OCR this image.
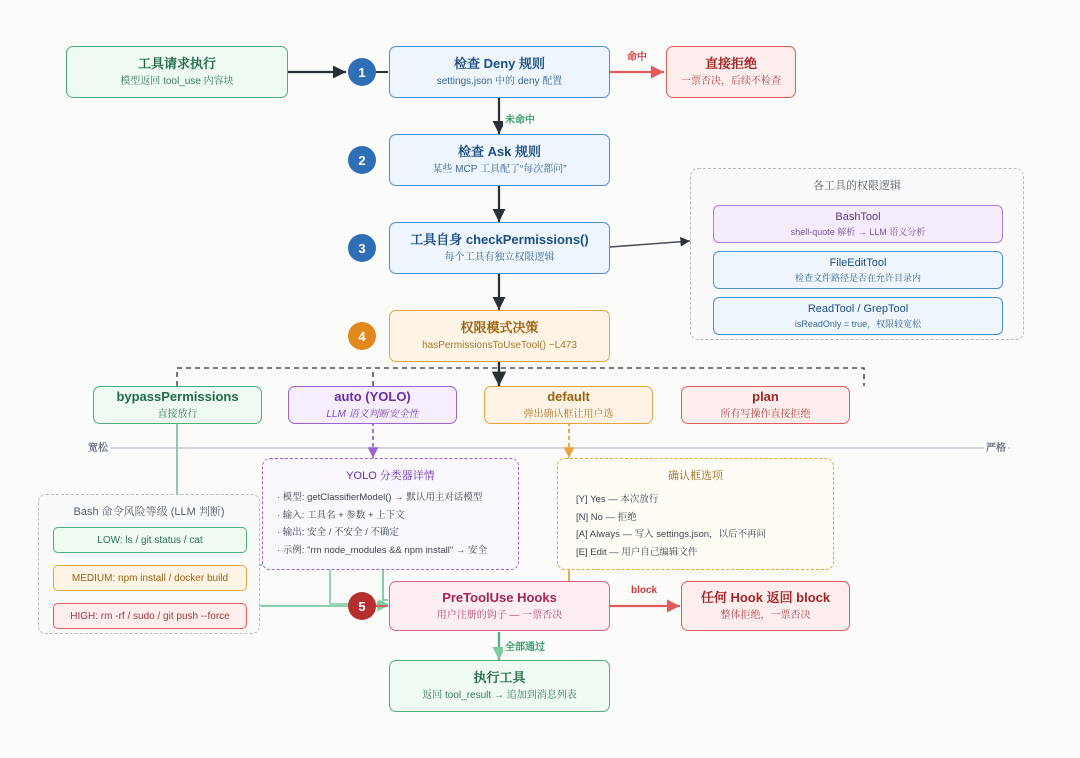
工具请求执行
模型返回 tool_use 内容块
1
检查 Deny 规则
settings.json 中的 deny 配置
直接拒绝
一票否决，后续不检查
命中
未命中
2
检查 Ask 规则
某些 MCP 工具配了“每次都问”
3
工具自身 checkPermissions()
每个工具有独立权限逻辑
4
权限模式决策
hasPermissionsToUseTool() ~L473
各工具的权限逻辑
BashTool
shell-quote 解析 → LLM 语义分析
FileEditTool
检查文件路径是否在允许目录内
ReadTool / GrepTool
isReadOnly = true，权限较宽松
bypassPermissions
直接放行
auto (YOLO)
LLM 语义判断安全性
default
弹出确认框让用户选
plan
所有写操作直接拒绝
宽松	严格
YOLO 分类器详情
· 模型: getClassifierModel() → 默认用主对话模型
· 输入: 工具名 + 参数 + 上下文
· 输出: 安全 / 不安全 / 不确定
· 示例: "rm node_modules && npm install" → 安全
确认框选项
[Y] Yes — 本次放行
[N] No — 拒绝
[A] Always — 写入 settings.json，以后不再问
[E] Edit — 用户自己编辑文件
Bash 命令风险等级 (LLM 判断)
LOW: ls / git status / cat
MEDIUM: npm install / docker build
HIGH: rm -rf / sudo / git push --force
5
PreToolUse Hooks
用户注册的钩子 — 一票否决
block	任何 Hook 返回 block
整体拒绝，一票否决
全部通过
执行工具
返回 tool_result → 追加到消息列表
